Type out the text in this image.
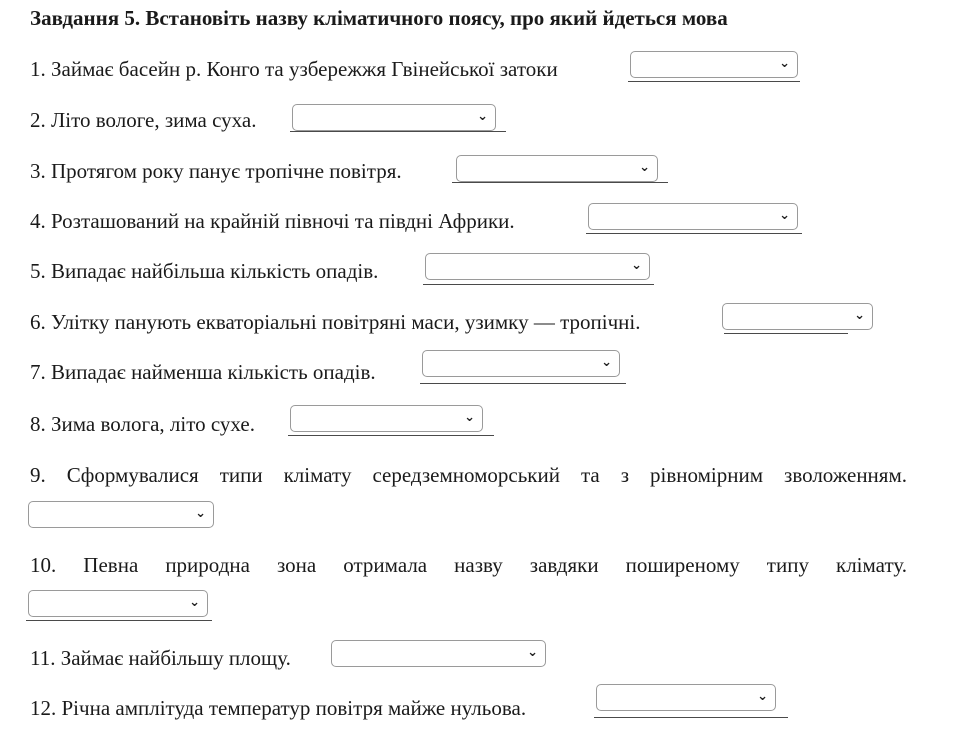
Завдання 5. Встановіть назву кліматичного поясу, про який йдеться мова
1. Займає басейн р. Конго та узбережжя Гвінейської затоки	⌄
2. Літо вологе, зима суха.	⌄
3. Протягом року панує тропічне повітря.	⌄
4. Розташований на крайній півночі та півдні Африки.	⌄
5. Випадає найбільша кількість опадів.	⌄
6. Улітку панують екваторіальні повітряні маси, узимку — тропічні.	⌄
7. Випадає найменша кількість опадів.	⌄
8. Зима волога, літо сухе.	⌄
9. Сформувалися типи клімату середземноморський та з рівномірним зволоженням.
⌄
10. Певна природна зона отримала назву завдяки поширеному типу клімату.
⌄
11. Займає найбільшу площу.	⌄
12. Річна амплітуда температур повітря майже нульова.	⌄
